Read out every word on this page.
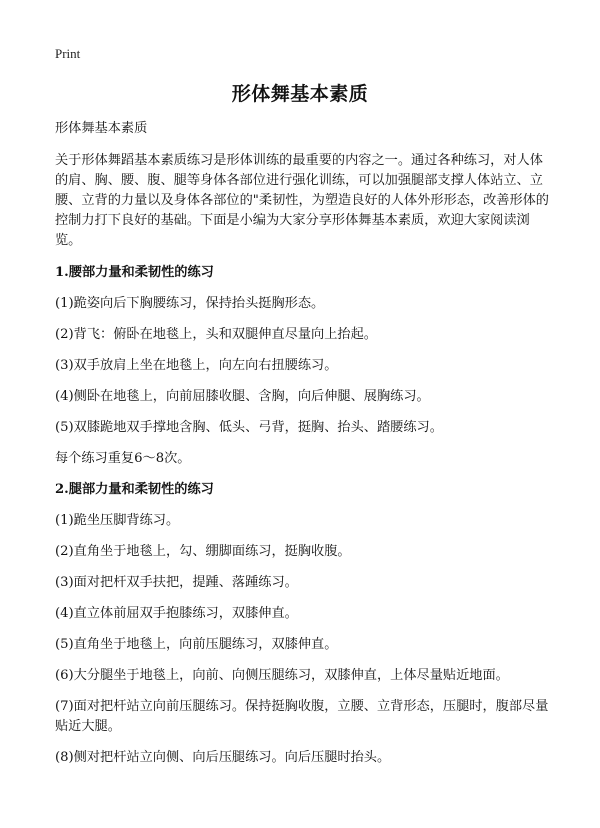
Print
形体舞基本素质

形体舞基本素质

关于形体舞蹈基本素质练习是形体训练的最重要的内容之一。通过各种练习，对人体的肩、胸、腰、腹、腿等身体各部位进行强化训练，可以加强腿部支撑人体站立、立腰、立背的力量以及身体各部位的"柔韧性，为塑造良好的人体外形形态，改善形体的控制力打下良好的基础。下面是小编为大家分享形体舞基本素质，欢迎大家阅读浏览。

1.腰部力量和柔韧性的练习

(1)跪姿向后下胸腰练习，保持抬头挺胸形态。

(2)背飞：俯卧在地毯上，头和双腿伸直尽量向上抬起。

(3)双手放肩上坐在地毯上，向左向右扭腰练习。

(4)侧卧在地毯上，向前屈膝收腿、含胸，向后伸腿、展胸练习。

(5)双膝跪地双手撑地含胸、低头、弓背，挺胸、抬头、踏腰练习。

每个练习重复6～8次。

2.腿部力量和柔韧性的练习

(1)跪坐压脚背练习。

(2)直角坐于地毯上，勾、绷脚面练习，挺胸收腹。

(3)面对把杆双手扶把，提踵、落踵练习。

(4)直立体前屈双手抱膝练习，双膝伸直。

(5)直角坐于地毯上，向前压腿练习，双膝伸直。

(6)大分腿坐于地毯上，向前、向侧压腿练习，双膝伸直，上体尽量贴近地面。

(7)面对把杆站立向前压腿练习。保持挺胸收腹，立腰、立背形态，压腿时，腹部尽量贴近大腿。

(8)侧对把杆站立向侧、向后压腿练习。向后压腿时抬头。
